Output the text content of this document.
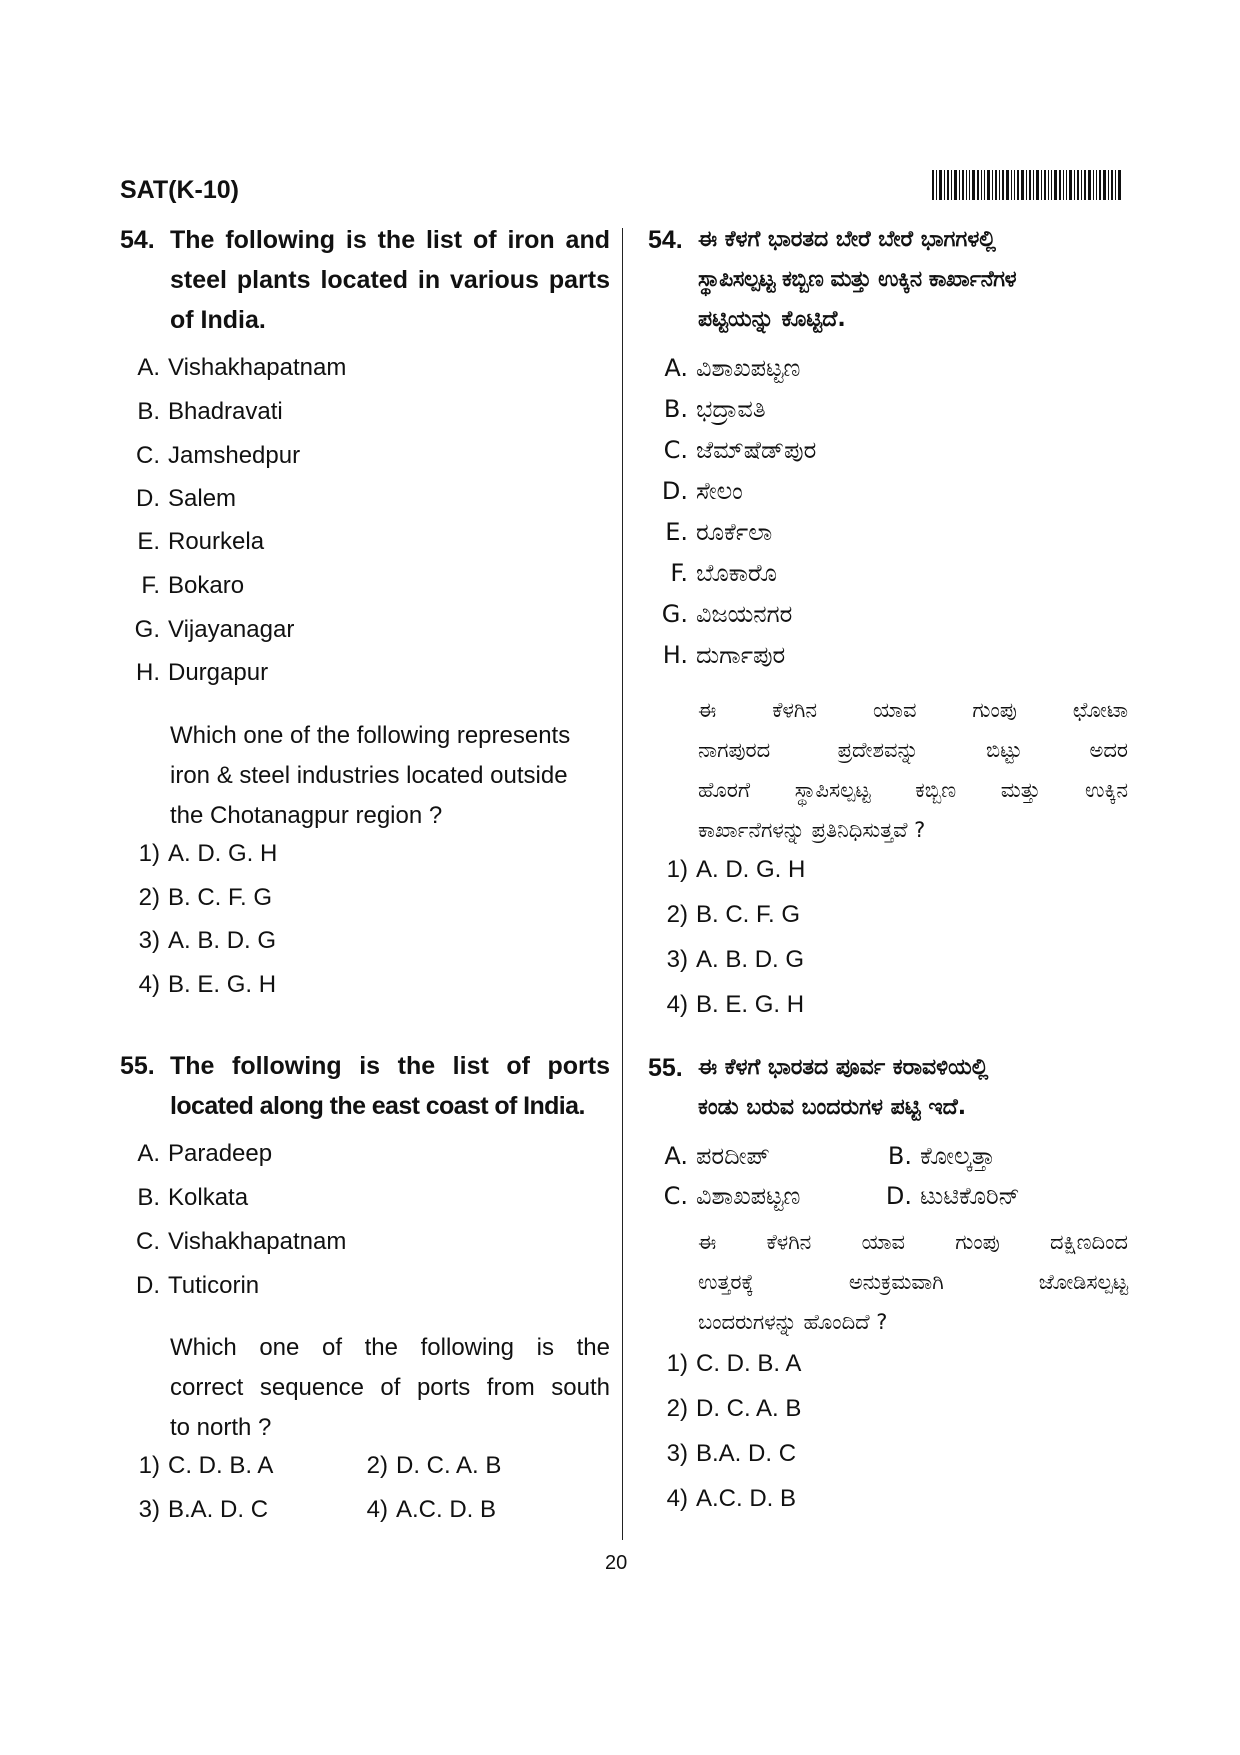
SAT(K-10)
54. The following is the list of iron and
steel plants located in various parts
of India.
A. Vishakhapatnam
B. Bhadravati
C. Jamshedpur
D. Salem
E. Rourkela
F. Bokaro
G. Vijayanagar
H. Durgapur
Which one of the following represents
iron & steel industries located outside
the Chotanagpur region ?
1) A. D. G. H
2) B. C. F. G
3) A. B. D. G
4) B. E. G. H
55. The following is the list of ports
located along the east coast of India.
A. Paradeep
B. Kolkata
C. Vishakhapatnam
D. Tuticorin
Which one of the following is the
correct sequence of ports from south
to north ?
1) C. D. B. A	2) D. C. A. B
3) B.A. D. C	4) A.C. D. B
54. ಈ ಕೆಳಗೆ ಭಾರತದ ಬೇರೆ ಬೇರೆ ಭಾಗಗಳಲ್ಲಿ
ಸ್ಥಾಪಿಸಲ್ಪಟ್ಟ ಕಬ್ಬಿಣ ಮತ್ತು ಉಕ್ಕಿನ ಕಾರ್ಖಾನೆಗಳ
ಪಟ್ಟಿಯನ್ನು ಕೊಟ್ಟಿದೆ.
A. ವಿಶಾಖಪಟ್ಟಣ
B. ಭದ್ರಾವತಿ
C. ಜೆಮ್‌ಷೆಡ್‌ಪುರ
D. ಸೇಲಂ
E. ರೂರ್ಕೆಲಾ
F. ಬೊಕಾರೊ
G. ವಿಜಯನಗರ
H. ದುರ್ಗಾಪುರ
ಈ ಕೆಳಗಿನ ಯಾವ ಗುಂಪು ಛೋಟಾ
ನಾಗಪುರದ ಪ್ರದೇಶವನ್ನು ಬಿಟ್ಟು ಅದರ
ಹೊರಗೆ ಸ್ಥಾಪಿಸಲ್ಪಟ್ಟ ಕಬ್ಬಿಣ ಮತ್ತು ಉಕ್ಕಿನ
ಕಾರ್ಖಾನೆಗಳನ್ನು ಪ್ರತಿನಿಧಿಸುತ್ತವೆ ?
1) A. D. G. H
2) B. C. F. G
3) A. B. D. G
4) B. E. G. H
55. ಈ ಕೆಳಗೆ ಭಾರತದ ಪೂರ್ವ ಕರಾವಳಿಯಲ್ಲಿ
ಕಂಡು ಬರುವ ಬಂದರುಗಳ ಪಟ್ಟಿ ಇದೆ.
A. ಪರದೀಪ್	B. ಕೋಲ್ಕತ್ತಾ
C. ವಿಶಾಖಪಟ್ಟಣ	D. ಟುಟಿಕೊರಿನ್
ಈ ಕೆಳಗಿನ ಯಾವ ಗುಂಪು ದಕ್ಷಿಣದಿಂದ
ಉತ್ತರಕ್ಕೆ ಅನುಕ್ರಮವಾಗಿ ಜೋಡಿಸಲ್ಪಟ್ಟ
ಬಂದರುಗಳನ್ನು ಹೊಂದಿದೆ ?
1) C. D. B. A
2) D. C. A. B
3) B.A. D. C
4) A.C. D. B
20
